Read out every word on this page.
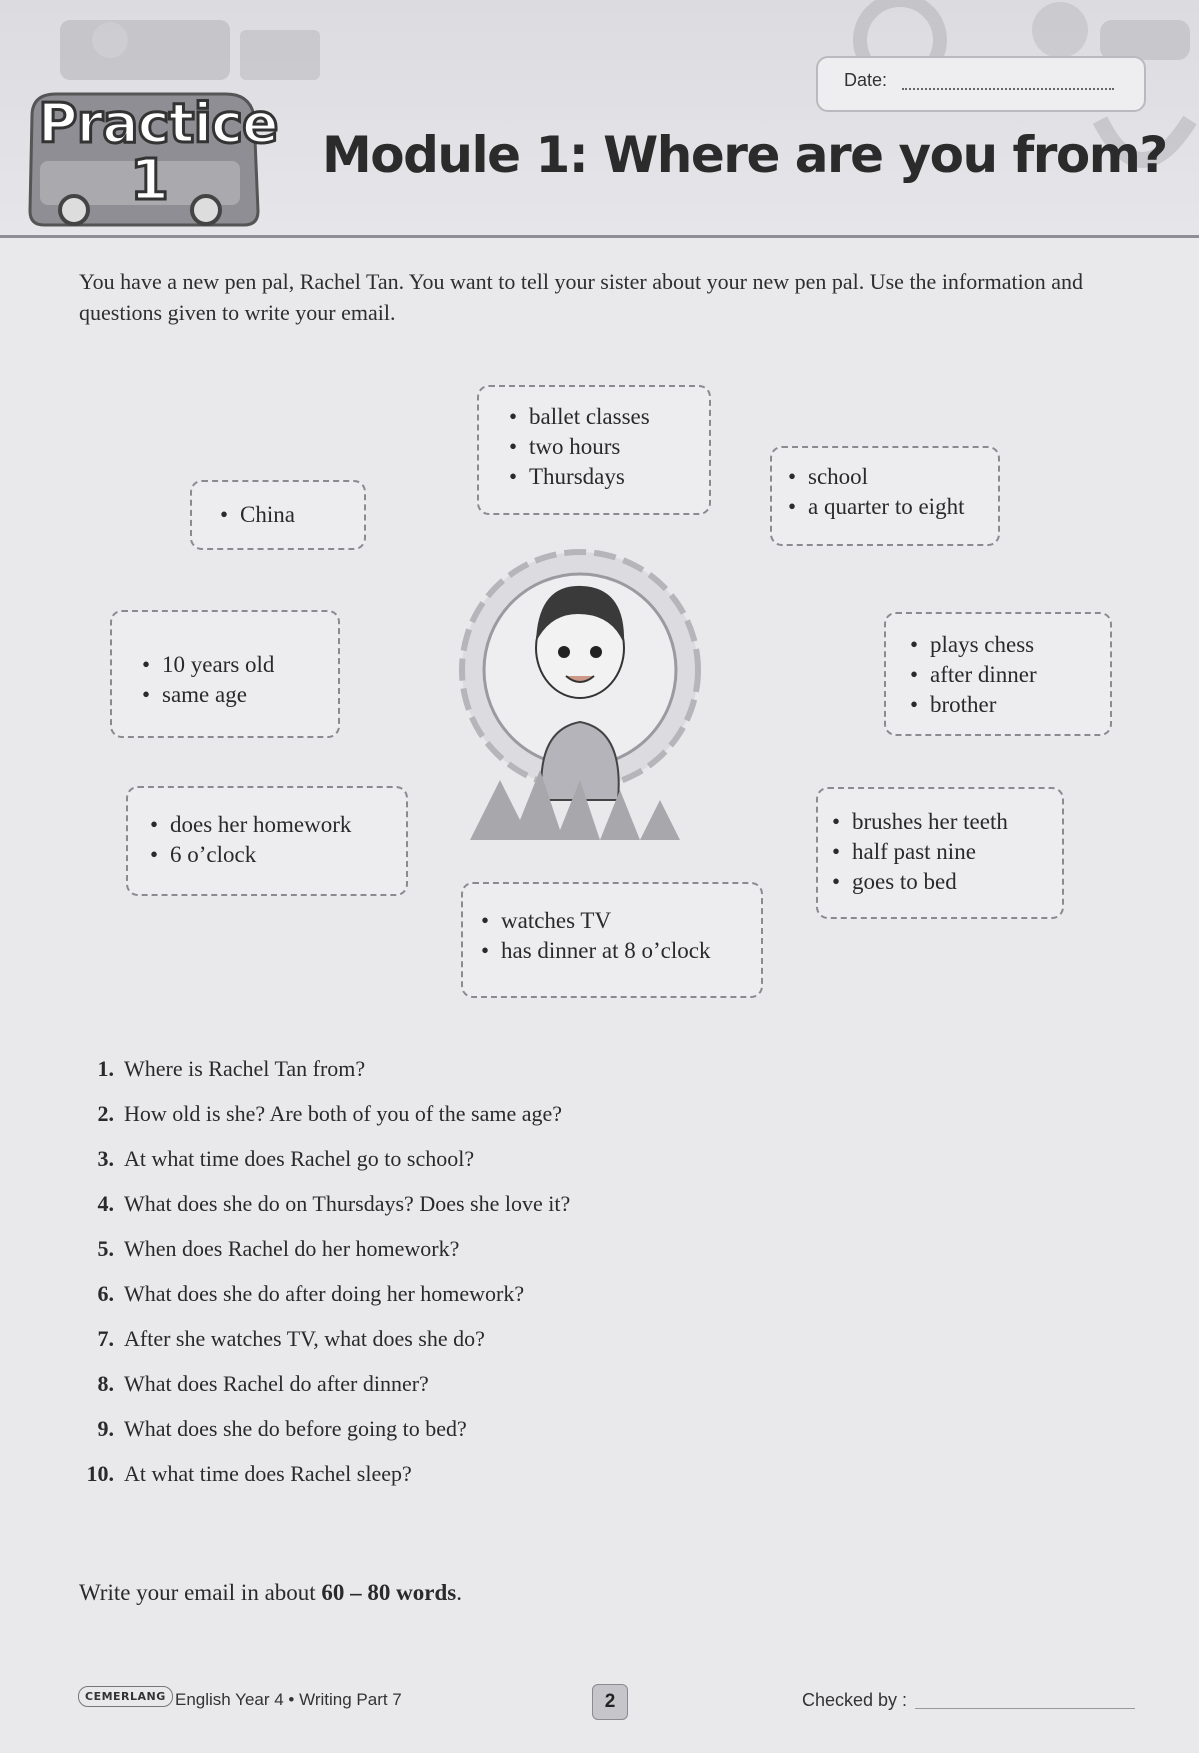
Date:
Practice
1	Module 1: Where are you from?
You have a new pen pal, Rachel Tan. You want to tell your sister about your new pen pal. Use the information and questions given to write your email.
• ballet classes
• two hours
• Thursdays
• China
• school
• a quarter to eight
• 10 years old
• same age
• plays chess
• after dinner
• brother
• does her homework
• 6 o’clock
• brushes her teeth
• half past nine
• goes to bed
• watches TV
• has dinner at 8 o’clock
1. Where is Rachel Tan from?
2. How old is she? Are both of you of the same age?
3. At what time does Rachel go to school?
4. What does she do on Thursdays? Does she love it?
5. When does Rachel do her homework?
6. What does she do after doing her homework?
7. After she watches TV, what does she do?
8. What does Rachel do after dinner?
9. What does she do before going to bed?
10. At what time does Rachel sleep?
Write your email in about 60 – 80 words.
CEMERLANG English Year 4 • Writing Part 7	2	Checked by :
